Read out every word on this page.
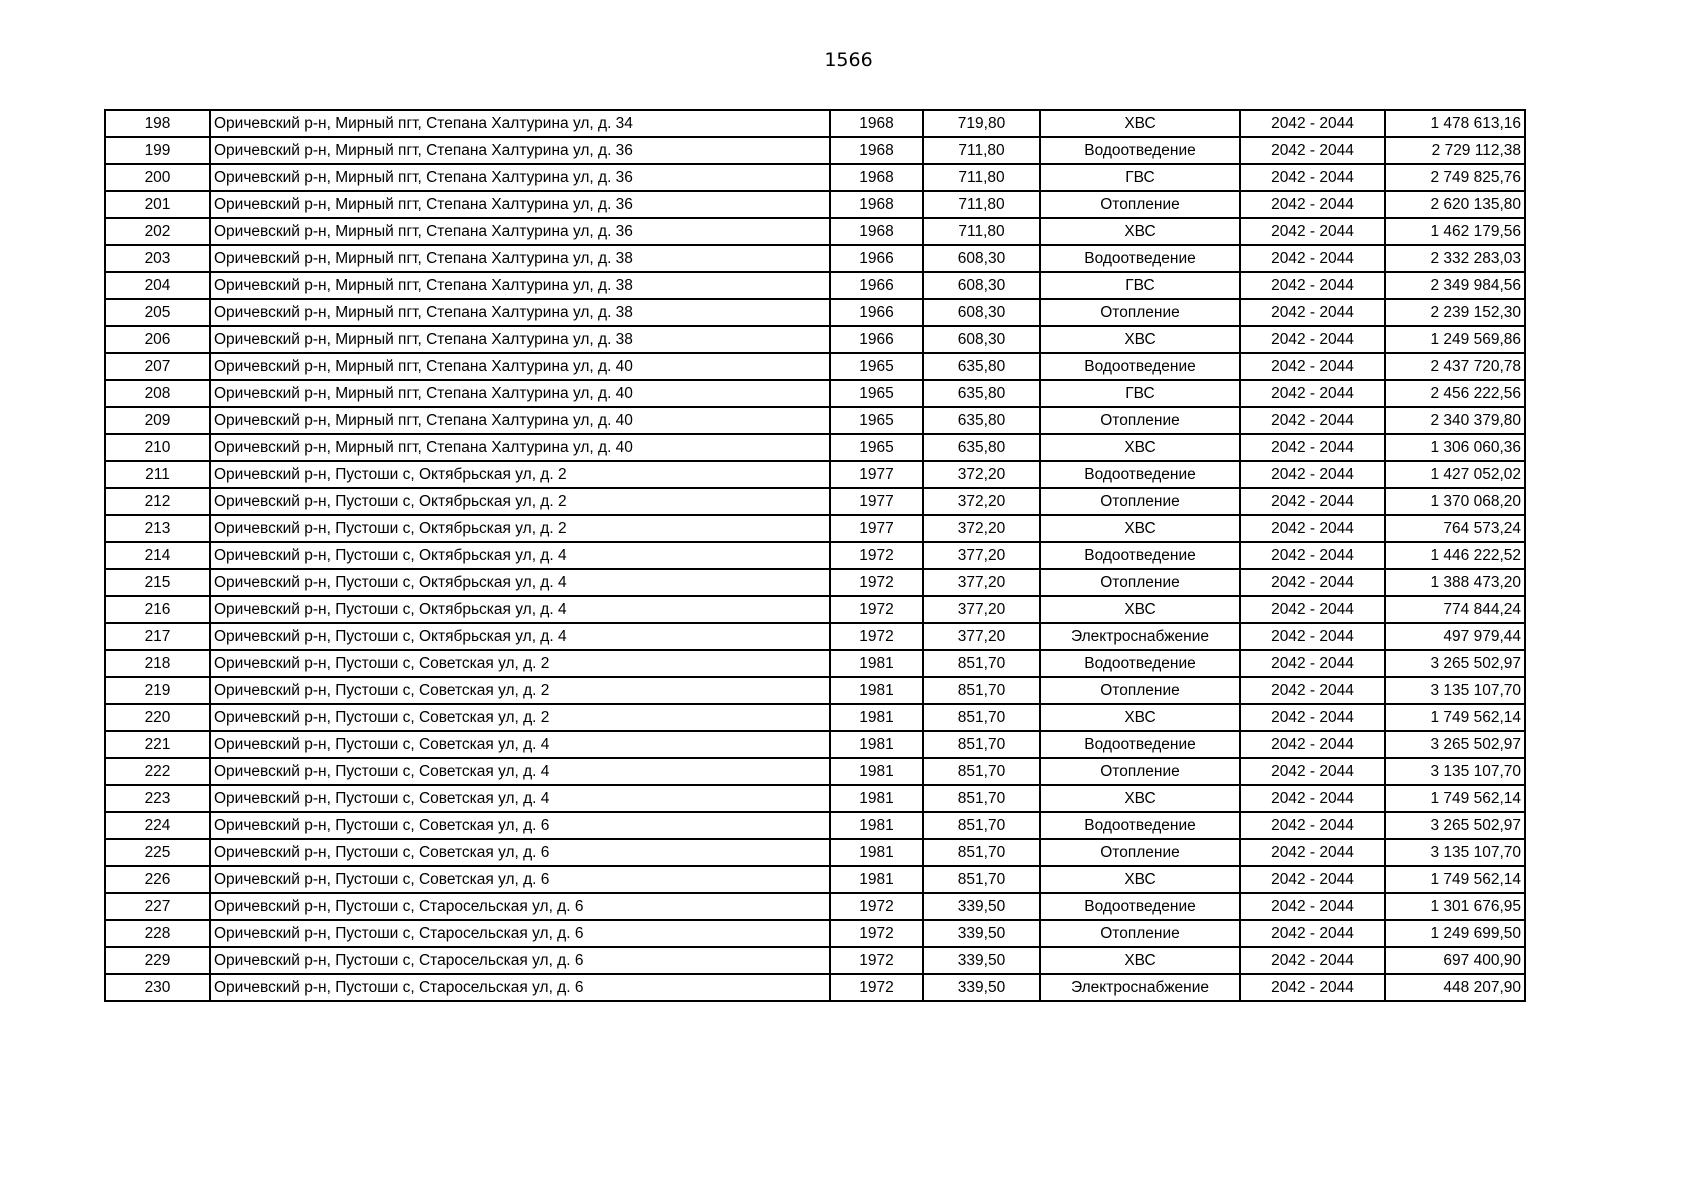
1566
198	Оричевский р-н, Мирный пгт, Степана Халтурина ул, д. 34	1968	719,80	ХВС	2042 - 2044	1 478 613,16
199	Оричевский р-н, Мирный пгт, Степана Халтурина ул, д. 36	1968	711,80	Водоотведение	2042 - 2044	2 729 112,38
200	Оричевский р-н, Мирный пгт, Степана Халтурина ул, д. 36	1968	711,80	ГВС	2042 - 2044	2 749 825,76
201	Оричевский р-н, Мирный пгт, Степана Халтурина ул, д. 36	1968	711,80	Отопление	2042 - 2044	2 620 135,80
202	Оричевский р-н, Мирный пгт, Степана Халтурина ул, д. 36	1968	711,80	ХВС	2042 - 2044	1 462 179,56
203	Оричевский р-н, Мирный пгт, Степана Халтурина ул, д. 38	1966	608,30	Водоотведение	2042 - 2044	2 332 283,03
204	Оричевский р-н, Мирный пгт, Степана Халтурина ул, д. 38	1966	608,30	ГВС	2042 - 2044	2 349 984,56
205	Оричевский р-н, Мирный пгт, Степана Халтурина ул, д. 38	1966	608,30	Отопление	2042 - 2044	2 239 152,30
206	Оричевский р-н, Мирный пгт, Степана Халтурина ул, д. 38	1966	608,30	ХВС	2042 - 2044	1 249 569,86
207	Оричевский р-н, Мирный пгт, Степана Халтурина ул, д. 40	1965	635,80	Водоотведение	2042 - 2044	2 437 720,78
208	Оричевский р-н, Мирный пгт, Степана Халтурина ул, д. 40	1965	635,80	ГВС	2042 - 2044	2 456 222,56
209	Оричевский р-н, Мирный пгт, Степана Халтурина ул, д. 40	1965	635,80	Отопление	2042 - 2044	2 340 379,80
210	Оричевский р-н, Мирный пгт, Степана Халтурина ул, д. 40	1965	635,80	ХВС	2042 - 2044	1 306 060,36
211	Оричевский р-н, Пустоши с, Октябрьская ул, д. 2	1977	372,20	Водоотведение	2042 - 2044	1 427 052,02
212	Оричевский р-н, Пустоши с, Октябрьская ул, д. 2	1977	372,20	Отопление	2042 - 2044	1 370 068,20
213	Оричевский р-н, Пустоши с, Октябрьская ул, д. 2	1977	372,20	ХВС	2042 - 2044	764 573,24
214	Оричевский р-н, Пустоши с, Октябрьская ул, д. 4	1972	377,20	Водоотведение	2042 - 2044	1 446 222,52
215	Оричевский р-н, Пустоши с, Октябрьская ул, д. 4	1972	377,20	Отопление	2042 - 2044	1 388 473,20
216	Оричевский р-н, Пустоши с, Октябрьская ул, д. 4	1972	377,20	ХВС	2042 - 2044	774 844,24
217	Оричевский р-н, Пустоши с, Октябрьская ул, д. 4	1972	377,20	Электроснабжение	2042 - 2044	497 979,44
218	Оричевский р-н, Пустоши с, Советская ул, д. 2	1981	851,70	Водоотведение	2042 - 2044	3 265 502,97
219	Оричевский р-н, Пустоши с, Советская ул, д. 2	1981	851,70	Отопление	2042 - 2044	3 135 107,70
220	Оричевский р-н, Пустоши с, Советская ул, д. 2	1981	851,70	ХВС	2042 - 2044	1 749 562,14
221	Оричевский р-н, Пустоши с, Советская ул, д. 4	1981	851,70	Водоотведение	2042 - 2044	3 265 502,97
222	Оричевский р-н, Пустоши с, Советская ул, д. 4	1981	851,70	Отопление	2042 - 2044	3 135 107,70
223	Оричевский р-н, Пустоши с, Советская ул, д. 4	1981	851,70	ХВС	2042 - 2044	1 749 562,14
224	Оричевский р-н, Пустоши с, Советская ул, д. 6	1981	851,70	Водоотведение	2042 - 2044	3 265 502,97
225	Оричевский р-н, Пустоши с, Советская ул, д. 6	1981	851,70	Отопление	2042 - 2044	3 135 107,70
226	Оричевский р-н, Пустоши с, Советская ул, д. 6	1981	851,70	ХВС	2042 - 2044	1 749 562,14
227	Оричевский р-н, Пустоши с, Старосельская ул, д. 6	1972	339,50	Водоотведение	2042 - 2044	1 301 676,95
228	Оричевский р-н, Пустоши с, Старосельская ул, д. 6	1972	339,50	Отопление	2042 - 2044	1 249 699,50
229	Оричевский р-н, Пустоши с, Старосельская ул, д. 6	1972	339,50	ХВС	2042 - 2044	697 400,90
230	Оричевский р-н, Пустоши с, Старосельская ул, д. 6	1972	339,50	Электроснабжение	2042 - 2044	448 207,90
